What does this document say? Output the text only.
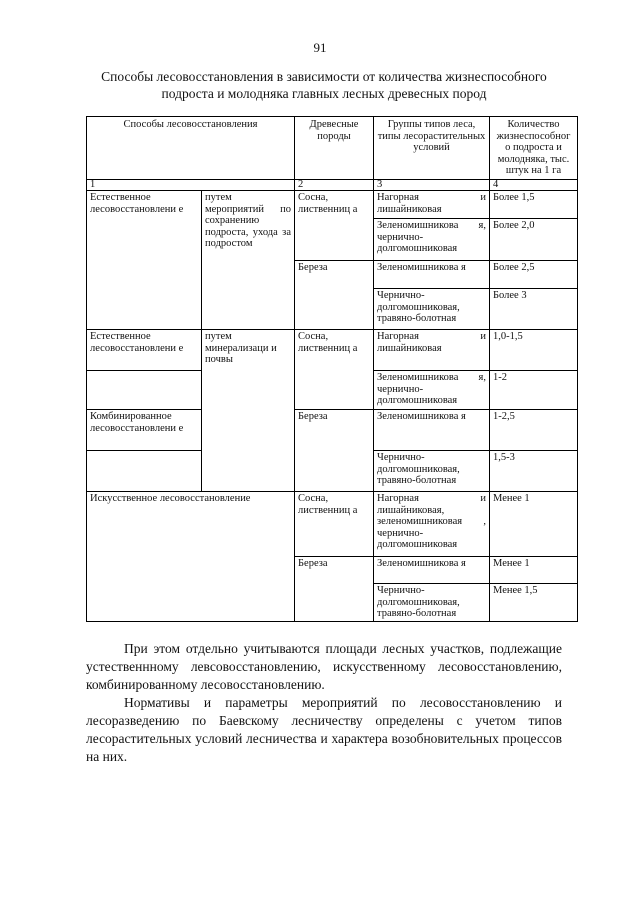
91
Способы лесовосстановления в зависимости от количества жизнеспособного
подроста и молодняка главных лесных древесных пород
Способы лесовосстановления		Древесные породы	Группы типов леса, типы лесорастительных условий	Количество жизнеспособног о подроста и молодняка, тыс. штук на 1 га
1		2	3	4
Естественное лесовосстановлени е	путем мероприятий по сохранению подроста, ухода за подростом	Сосна, лиственниц а	Нагорная и лишайниковая	Более 1,5

			Зеленомишникова я, чернично-долгомошниковая	Более 2,0
		Береза	Зеленомишникова я	Более 2,5
			Чернично-долгомошниковая, травяно-болотная	Более 3
Естественное лесовосстановлени е	путем минерализаци и почвы	Сосна, лиственниц а	Нагорная и лишайниковая	1,0-1,5

			Зеленомишникова я, чернично-долгомошниковая	1-2
Комбинированное лесовосстановлени е		Береза	Зеленомишникова я	1-2,5
			Чернично-долгомошниковая, травяно-болотная	1,5-3
Искусственное лесовосстановление		Сосна, лиственниц а	Нагорная и лишайниковая, зеленомишниковая , чернично-долгомошниковая	Менее 1
		Береза	Зеленомишникова я	Менее 1
			Чернично-долгомошниковая, травяно-болотная	Менее 1,5

При этом отдельно учитываются площади лесных участков, подлежащие устественнному левсовосстановлению, искусственному лесовосстановлению, комбинированному лесовосстановлению.

Нормативы и параметры мероприятий по лесовосстановлению и лесоразведению по Баевскому лесничеству определены с учетом типов лесорастительных условий лесничества и характера возобновительных процессов на них.
